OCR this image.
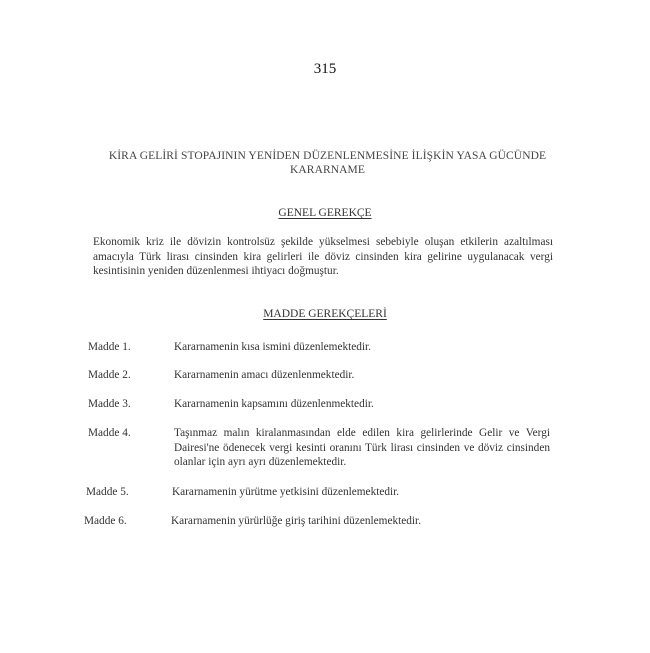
315
KİRA GELİRİ STOPAJININ YENİDEN DÜZENLENMESİNE İLİŞKİN YASA GÜCÜNDE KARARNAME
GENEL GEREKÇE
Ekonomik kriz ile dövizin kontrolsüz şekilde yükselmesi sebebiyle oluşan etkilerin azaltılması amacıyla Türk lirası cinsinden kira gelirleri ile döviz cinsinden kira gelirine uygulanacak vergi kesintisinin yeniden düzenlenmesi ihtiyacı doğmuştur.
MADDE GEREKÇELERİ
Madde 1.	Kararnamenin kısa ismini düzenlemektedir.
Madde 2.	Kararnamenin amacı düzenlenmektedir.
Madde 3.	Kararnamenin kapsamını düzenlenmektedir.
Madde 4.	Taşınmaz malın kiralanmasından elde edilen kira gelirlerinde Gelir ve Vergi Dairesi'ne ödenecek vergi kesinti oranını Türk lirası cinsinden ve döviz cinsinden olanlar için ayrı ayrı düzenlemektedir.
Madde 5.	Kararnamenin yürütme yetkisini düzenlemektedir.
Madde 6.	Kararnamenin yürürlüğe giriş tarihini düzenlemektedir.
